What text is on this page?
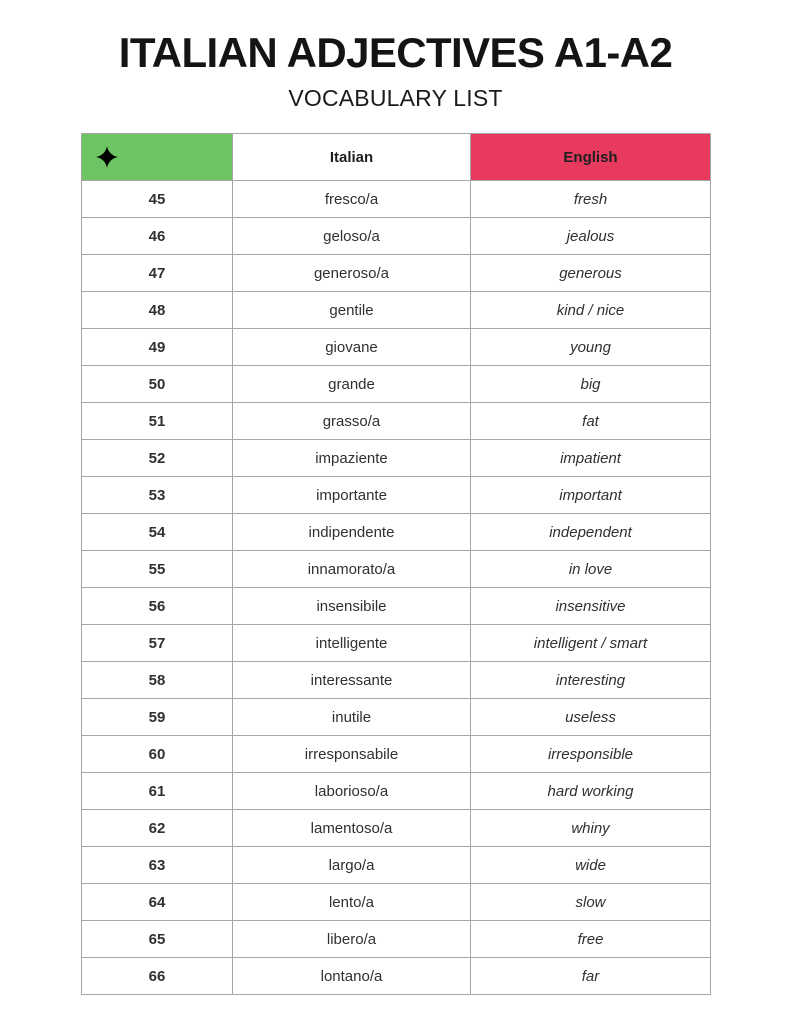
ITALIAN ADJECTIVES A1-A2
VOCABULARY LIST
	Italian	English
45	fresco/a	fresh
46	geloso/a	jealous
47	generoso/a	generous
48	gentile	kind / nice
49	giovane	young
50	grande	big
51	grasso/a	fat
52	impaziente	impatient
53	importante	important
54	indipendente	independent
55	innamorato/a	in love
56	insensibile	insensitive
57	intelligente	intelligent / smart
58	interessante	interesting
59	inutile	useless
60	irresponsabile	irresponsible
61	laborioso/a	hard working
62	lamentoso/a	whiny
63	largo/a	wide
64	lento/a	slow
65	libero/a	free
66	lontano/a	far
